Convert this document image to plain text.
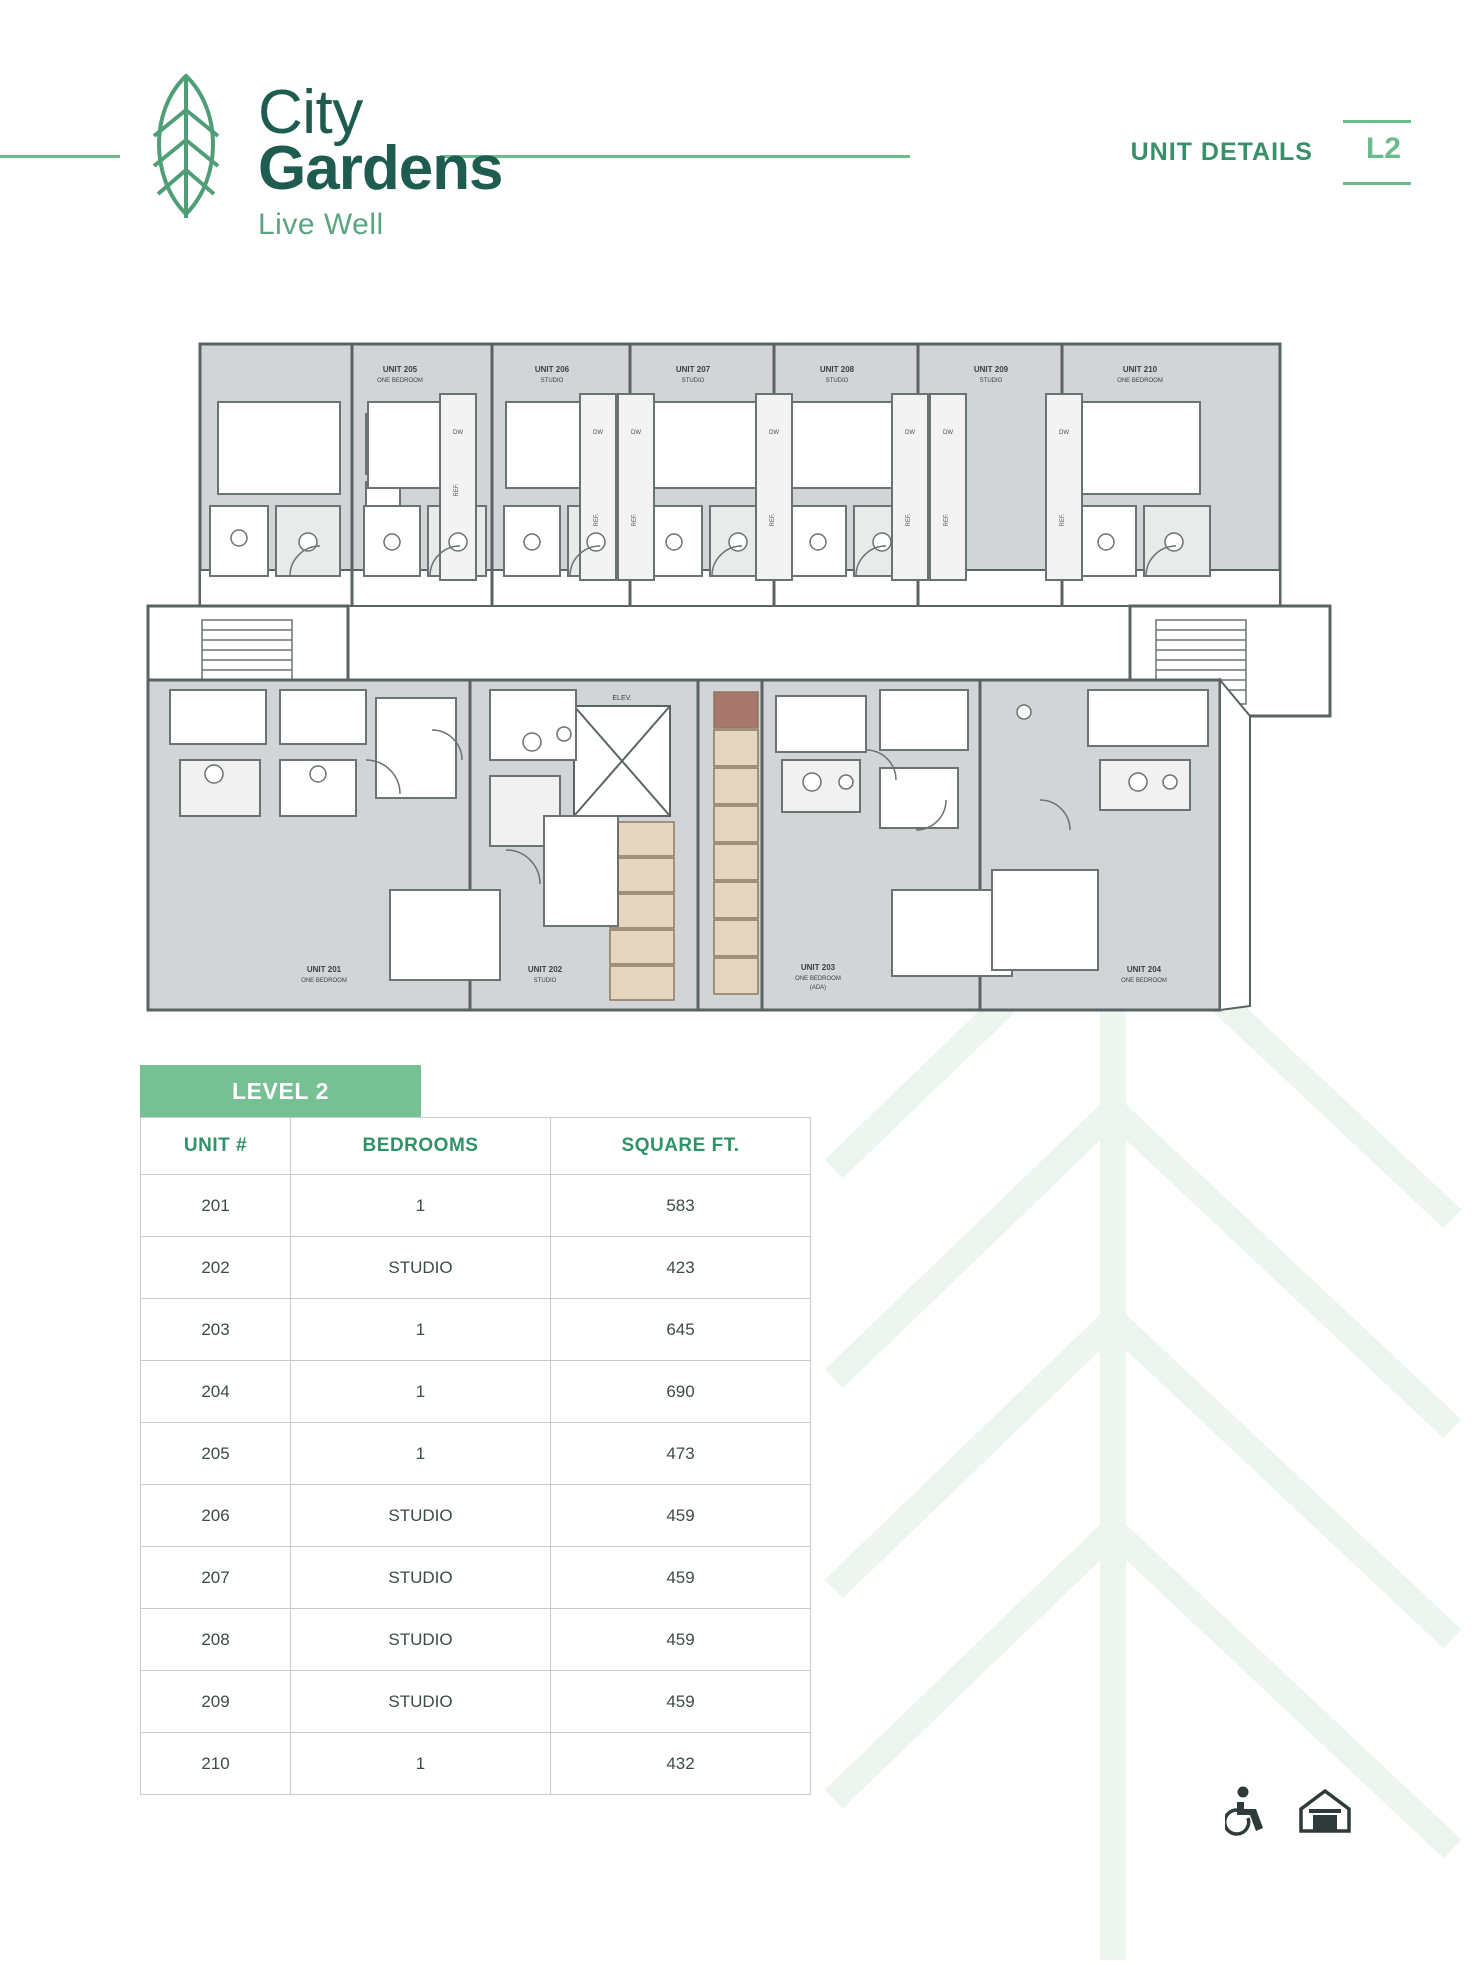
City
Gardens
Live Well
UNIT DETAILS L2
DW
REF.
DW
REF.
DW
REF.
DW
REF.
DW
REF.
DW
REF.
DW
REF.
UNIT 205
ONE BEDROOM
UNIT 206
STUDIO
UNIT 207
STUDIO
UNIT 208
STUDIO
UNIT 209
STUDIO
UNIT 210
ONE BEDROOM
ELEV.
UNIT 201
ONE BEDROOM
UNIT 202
STUDIO
UNIT 203
ONE BEDROOM
(ADA)
UNIT 204
ONE BEDROOM
LEVEL 2
UNIT #	BEDROOMS	SQUARE FT.
201	1	583
202	STUDIO	423
203	1	645
204	1	690
205	1	473
206	STUDIO	459
207	STUDIO	459
208	STUDIO	459
209	STUDIO	459
210	1	432
